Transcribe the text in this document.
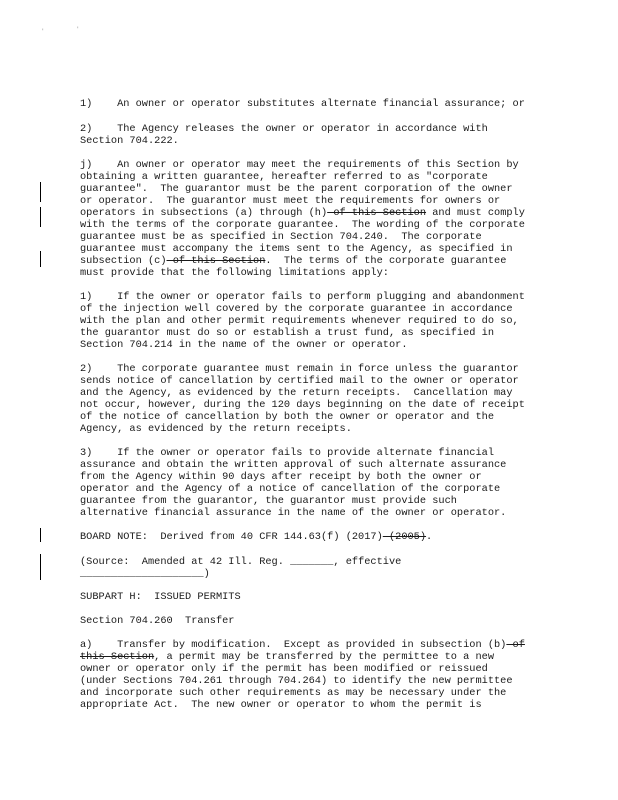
'	'
1)    An owner or operator substitutes alternate financial assurance; or
2)    The Agency releases the owner or operator in accordance with
Section 704.222.
j)    An owner or operator may meet the requirements of this Section by
obtaining a written guarantee, hereafter referred to as "corporate
guarantee".  The guarantor must be the parent corporation of the owner
or operator.  The guarantor must meet the requirements for owners or
operators in subsections (a) through (h) of this Section and must comply
with the terms of the corporate guarantee.  The wording of the corporate
guarantee must be as specified in Section 704.240.  The corporate
guarantee must accompany the items sent to the Agency, as specified in
subsection (c) of this Section.  The terms of the corporate guarantee
must provide that the following limitations apply:
1)    If the owner or operator fails to perform plugging and abandonment
of the injection well covered by the corporate guarantee in accordance
with the plan and other permit requirements whenever required to do so,
the guarantor must do so or establish a trust fund, as specified in
Section 704.214 in the name of the owner or operator.
2)    The corporate guarantee must remain in force unless the guarantor
sends notice of cancellation by certified mail to the owner or operator
and the Agency, as evidenced by the return receipts.  Cancellation may
not occur, however, during the 120 days beginning on the date of receipt
of the notice of cancellation by both the owner or operator and the
Agency, as evidenced by the return receipts.
3)    If the owner or operator fails to provide alternate financial
assurance and obtain the written approval of such alternate assurance
from the Agency within 90 days after receipt by both the owner or
operator and the Agency of a notice of cancellation of the corporate
guarantee from the guarantor, the guarantor must provide such
alternative financial assurance in the name of the owner or operator.
BOARD NOTE:  Derived from 40 CFR 144.63(f) (2017) (2005).
(Source:  Amended at 42 Ill. Reg. _______, effective
____________________)
SUBPART H:  ISSUED PERMITS
Section 704.260  Transfer
a)    Transfer by modification.  Except as provided in subsection (b) of
this Section, a permit may be transferred by the permittee to a new
owner or operator only if the permit has been modified or reissued
(under Sections 704.261 through 704.264) to identify the new permittee
and incorporate such other requirements as may be necessary under the
appropriate Act.  The new owner or operator to whom the permit is
